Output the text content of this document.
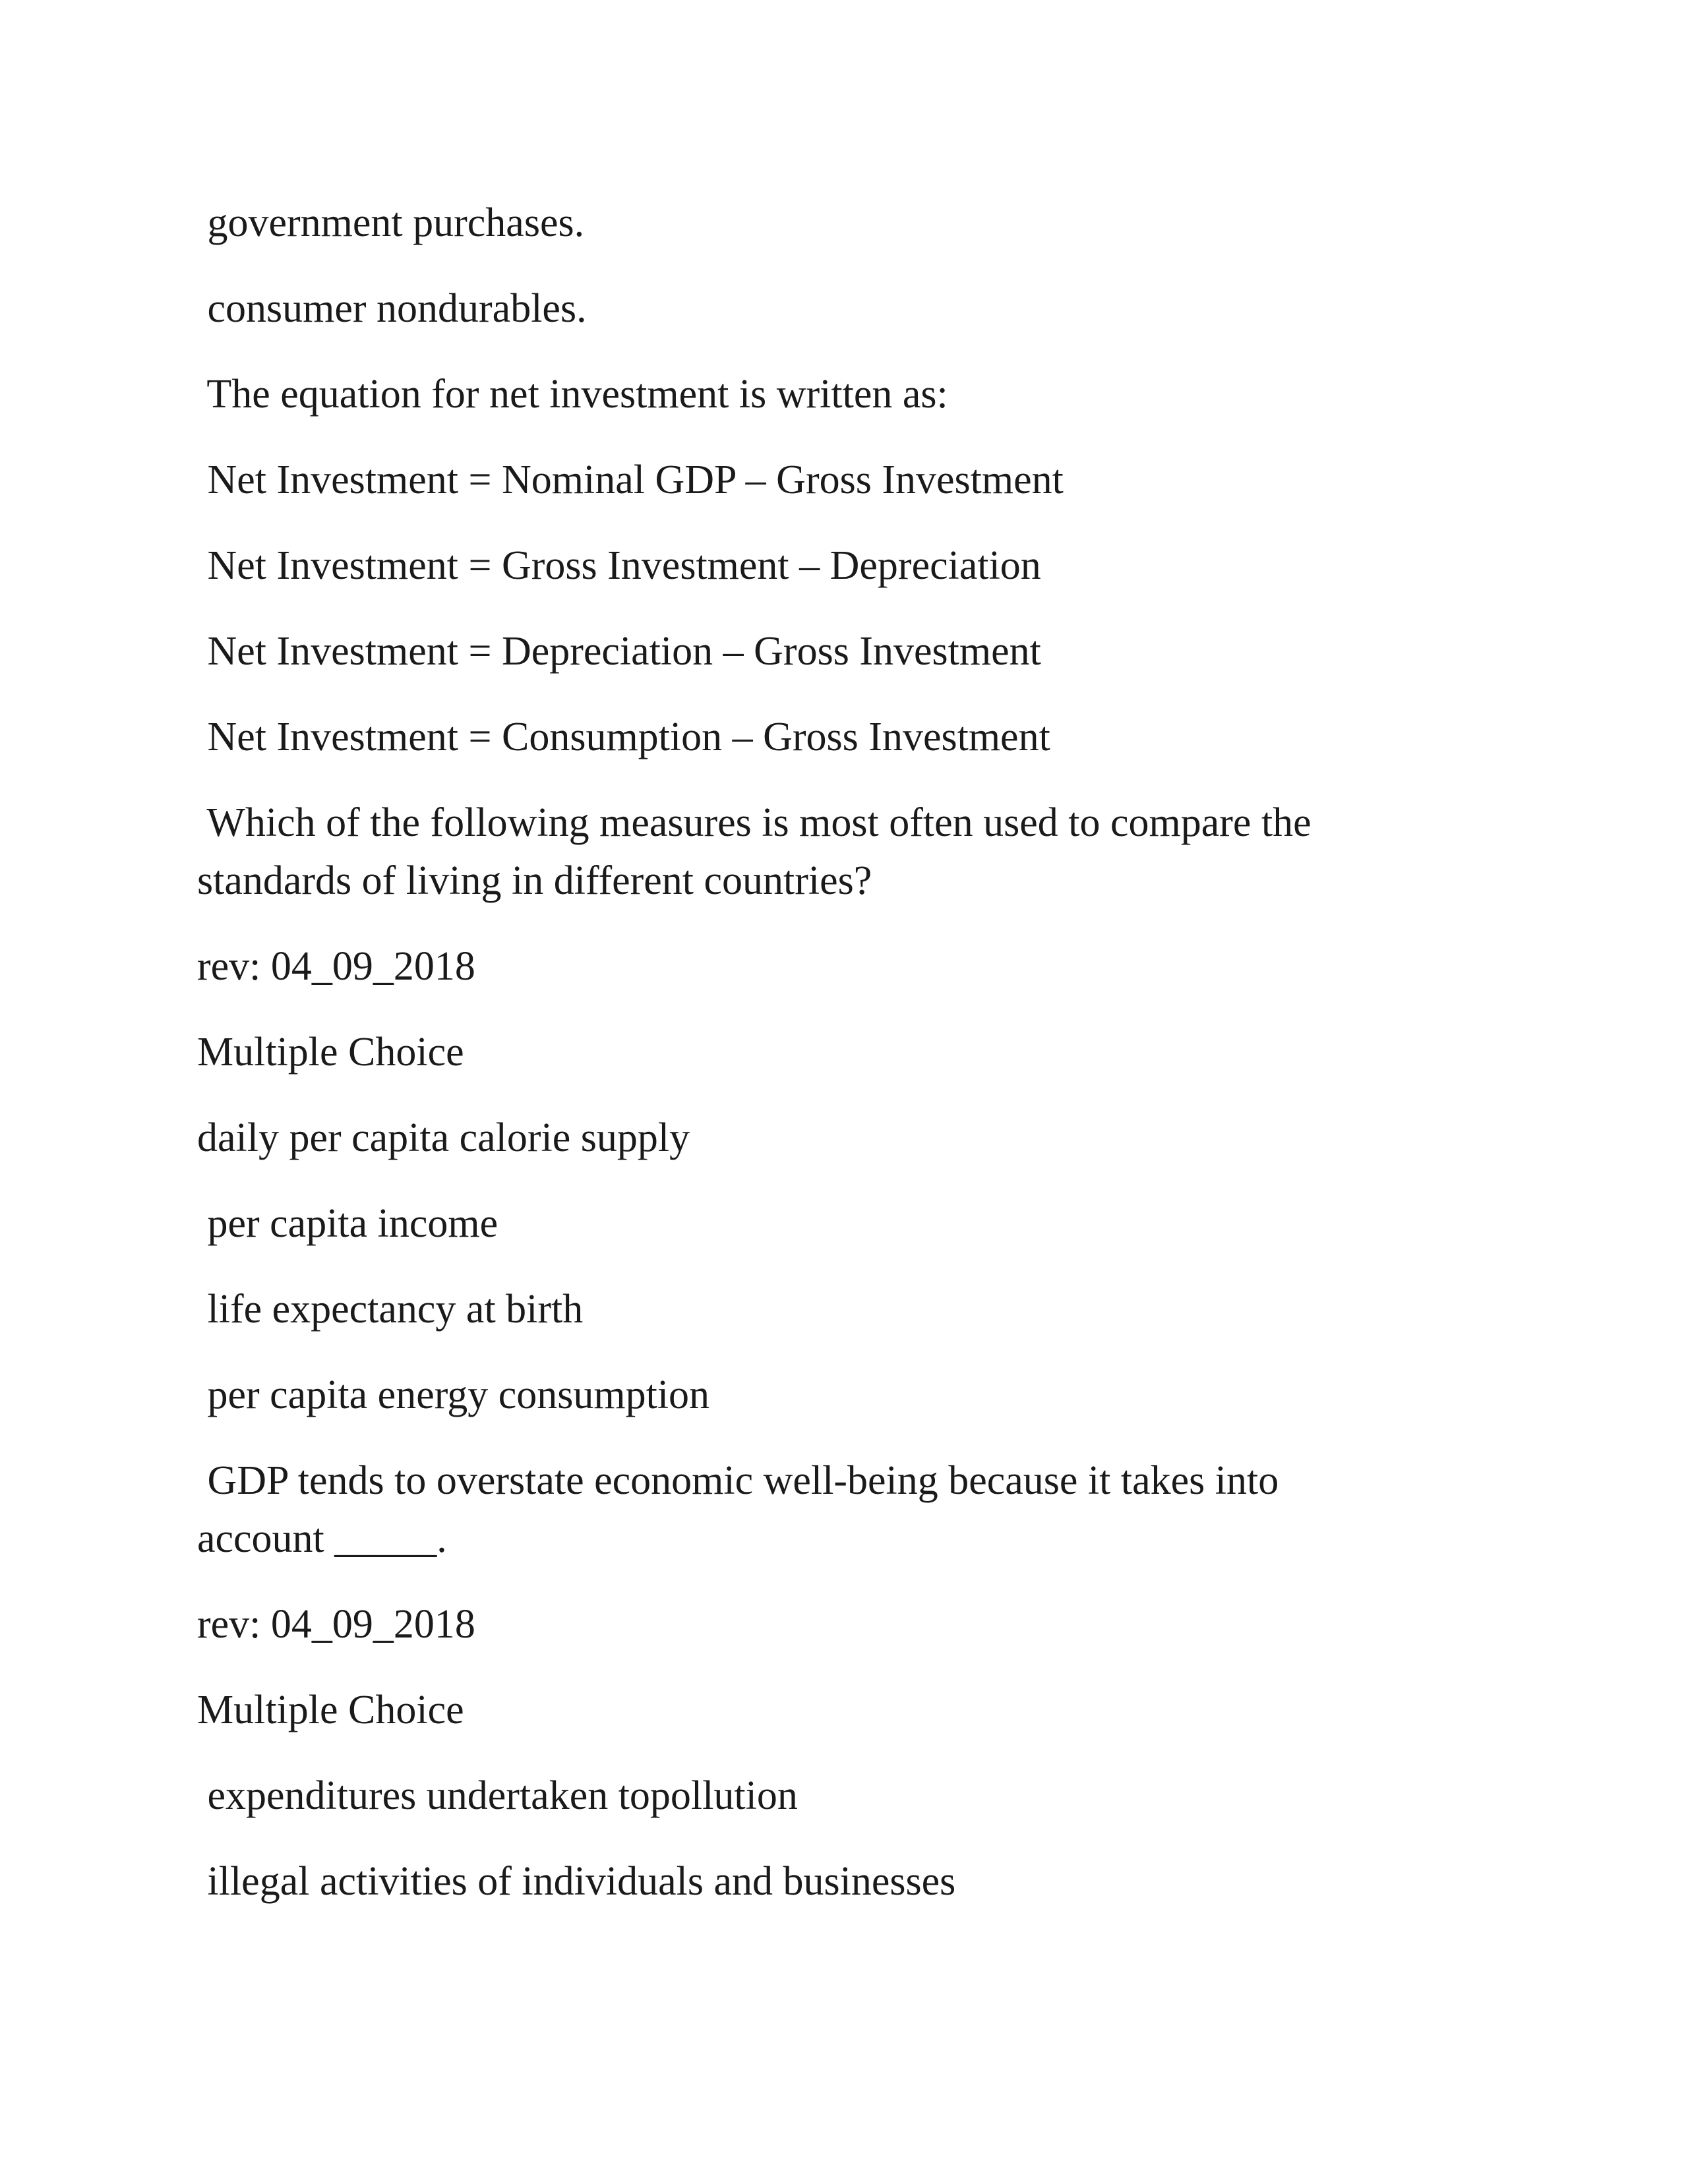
government purchases.

consumer nondurables.

The equation for net investment is written as:

Net Investment = Nominal GDP – Gross Investment

Net Investment = Gross Investment – Depreciation

Net Investment = Depreciation – Gross Investment

Net Investment = Consumption – Gross Investment

Which of the following measures is most often used to compare the

standards of living in different countries?

rev: 04_09_2018

Multiple Choice

daily per capita calorie supply

per capita income

life expectancy at birth

per capita energy consumption

GDP tends to overstate economic well-being because it takes into

account _____.

rev: 04_09_2018

Multiple Choice

expenditures undertaken topollution

illegal activities of individuals and businesses
